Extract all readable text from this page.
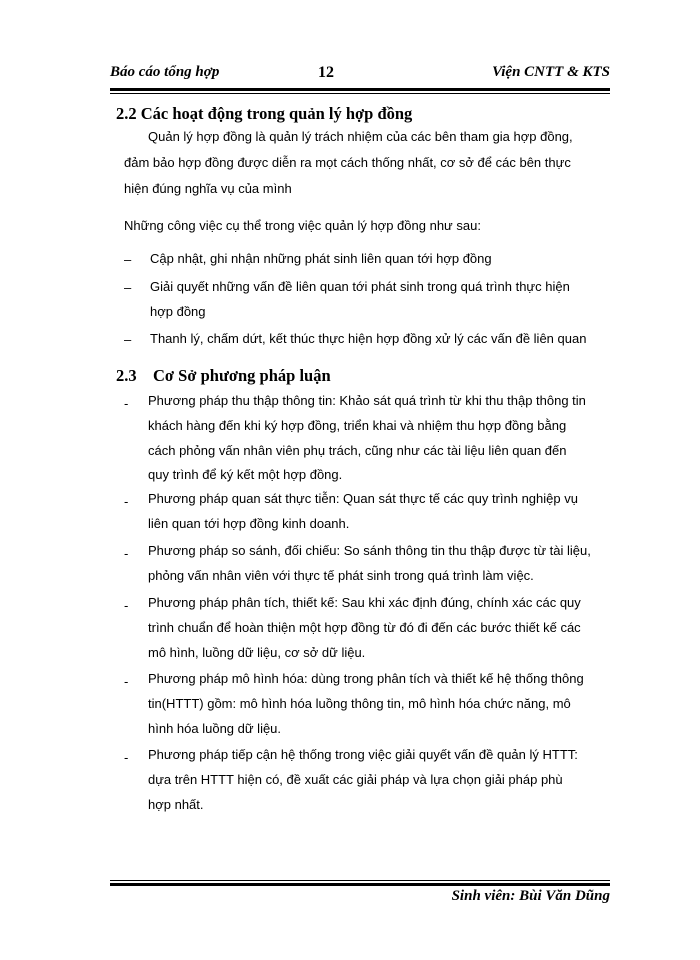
Báo cáo tổng hợp	12	Viện CNTT & KTS
2.2 Các hoạt động trong quản lý hợp đồng
Quản lý hợp đồng là quản lý trách nhiệm của các bên tham gia hợp đồng,
đảm bảo hợp đồng được diễn ra mọt cách thống nhất, cơ sở để các bên thực
hiện đúng nghĩa vụ của mình
Những công việc cụ thể trong việc quản lý hợp đồng như sau:
– Cập nhật, ghi nhận những phát sinh liên quan tới hợp đồng
– Giải quyết những vấn đề liên quan tới phát sinh trong quá trình thực hiện
hợp đồng
– Thanh lý, chấm dứt, kết thúc thực hiện hợp đồng xử lý các vấn đề liên quan
2.3 Cơ Sở phương pháp luận
- Phương pháp thu thập thông tin: Khảo sát quá trình từ khi thu thập thông tin
khách hàng đến khi ký hợp đồng, triển khai và nhiệm thu hợp đồng bằng
cách phỏng vấn nhân viên phụ trách, cũng như các tài liệu liên quan đến
quy trình để ký kết một hợp đồng.
- Phương pháp quan sát thực tiễn: Quan sát thực tế các quy trình nghiệp vụ
liên quan tới hợp đồng kinh doanh.
- Phương pháp so sánh, đối chiếu: So sánh thông tin thu thập được từ tài liệu,
phỏng vấn nhân viên với thực tế phát sinh trong quá trình làm việc.
- Phương pháp phân tích, thiết kế: Sau khi xác định đúng, chính xác các quy
trình chuẩn để hoàn thiện một hợp đồng từ đó đi đến các bước thiết kế các
mô hình, luồng dữ liệu, cơ sở dữ liệu.
- Phương pháp mô hình hóa: dùng trong phân tích và thiết kế hệ thống thông
tin(HTTT) gồm: mô hình hóa luồng thông tin, mô hình hóa chức năng, mô
hình hóa luồng dữ liệu.
- Phương pháp tiếp cận hệ thống trong việc giải quyết vấn đề quản lý HTTT:
dựa trên HTTT hiện có, đề xuất các giải pháp và lựa chọn giải pháp phù
hợp nhất.
Sinh viên: Bùi Văn Dũng
